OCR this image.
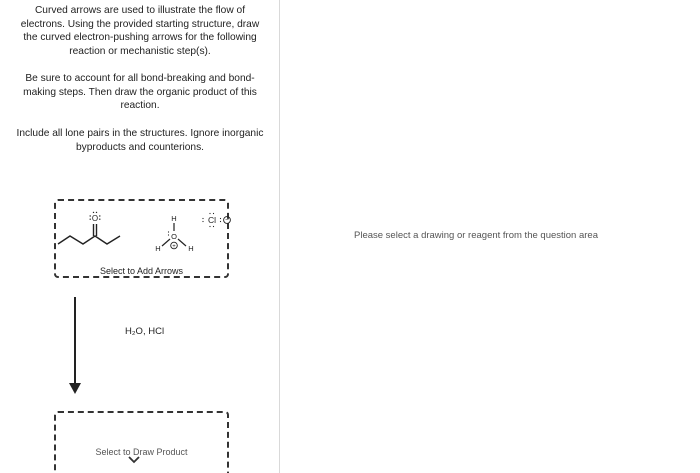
Curved arrows are used to illustrate the flow of electrons. Using the provided starting structure, draw the curved electron-pushing arrows for the following reaction or mechanistic step(s).

Be sure to account for all bond-breaking and bond-making steps. Then draw the organic product of this reaction.

Include all lone pairs in the structures. Ignore inorganic byproducts and counterions.

O	H
O
H	H
+
Cl −
Select to Add Arrows
H₂O, HCl
Select to Draw Product
Please select a drawing or reagent from the question area
